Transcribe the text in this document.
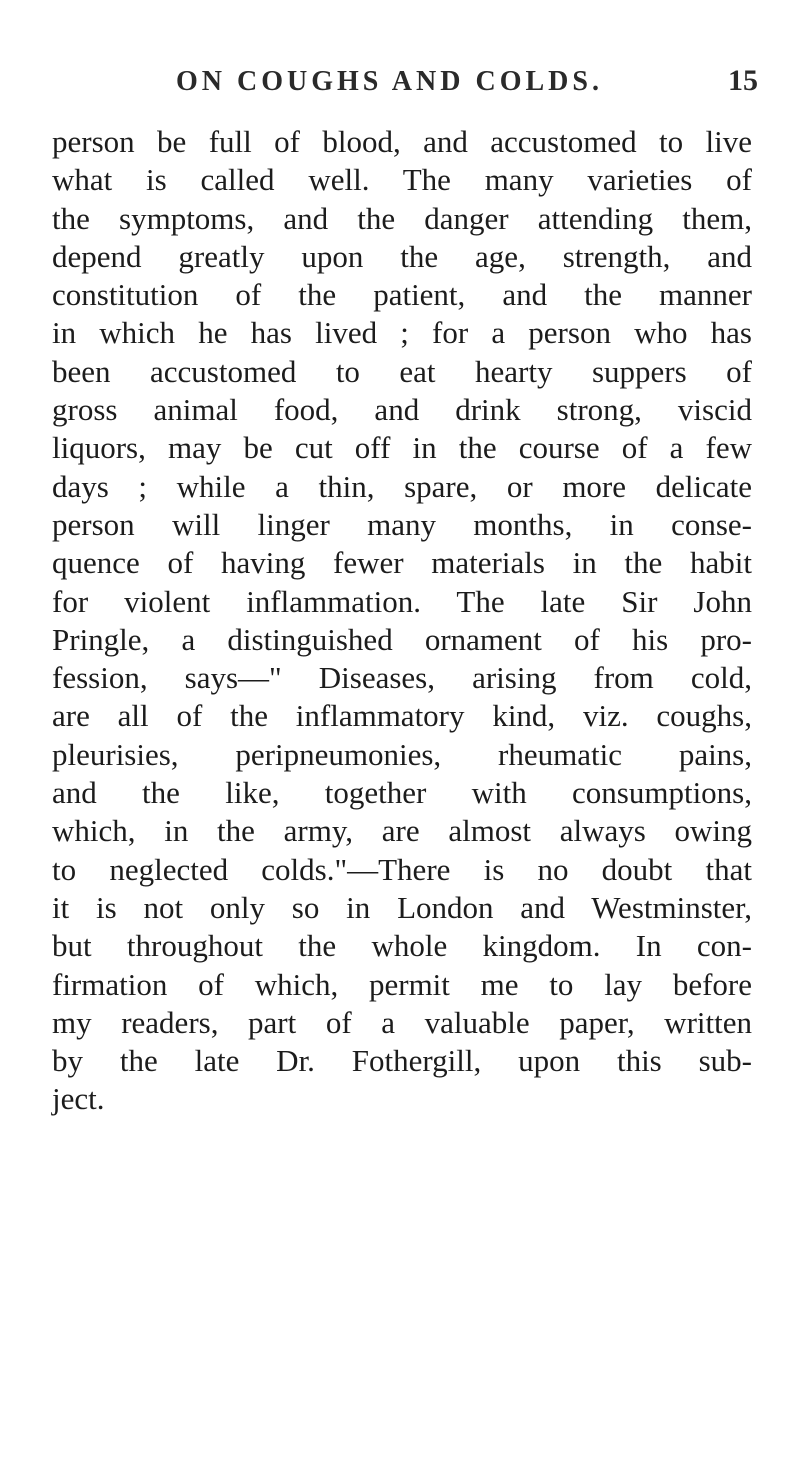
ON COUGHS AND COLDS.	15
person be full of blood, and accustomed to live
what is called well. The many varieties of
the symptoms, and the danger attending them,
depend greatly upon the age, strength, and
constitution of the patient, and the manner
in which he has lived ; for a person who has
been accustomed to eat hearty suppers of
gross animal food, and drink strong, viscid
liquors, may be cut off in the course of a few
days ; while a thin, spare, or more delicate
person will linger many months, in conse-
quence of having fewer materials in the habit
for violent inflammation. The late Sir John
Pringle, a distinguished ornament of his pro-
fession, says—" Diseases, arising from cold,
are all of the inflammatory kind, viz. coughs,
pleurisies, peripneumonies, rheumatic pains,
and the like, together with consumptions,
which, in the army, are almost always owing
to neglected colds."—There is no doubt that
it is not only so in London and Westminster,
but throughout the whole kingdom. In con-
firmation of which, permit me to lay before
my readers, part of a valuable paper, written
by the late Dr. Fothergill, upon this sub-
ject.
